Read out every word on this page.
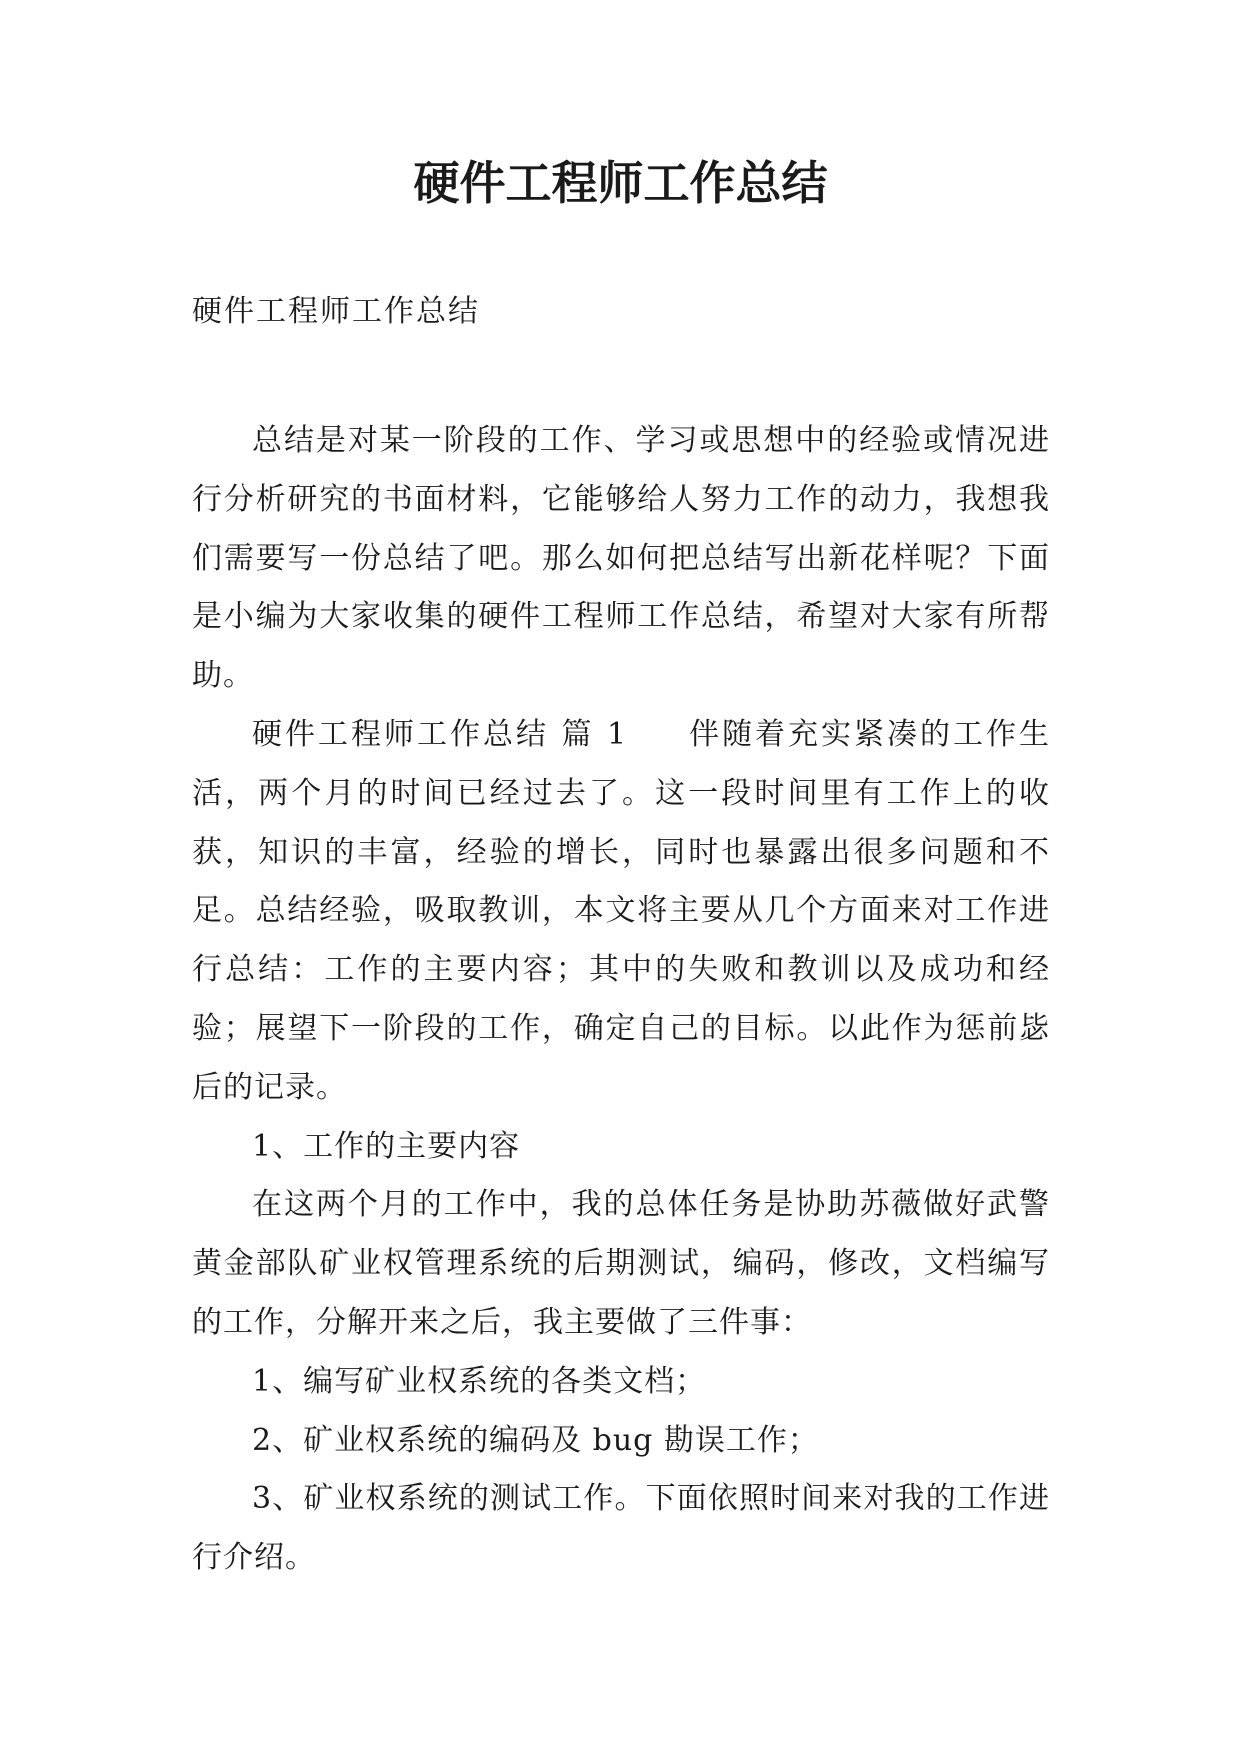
硬件工程师工作总结

硬件工程师工作总结

总结是对某一阶段的工作、学习或思想中的经验或情况进行分析研究的书面材料，它能够给人努力工作的动力，我想我们需要写一份总结了吧。那么如何把总结写出新花样呢？下面是小编为大家收集的硬件工程师工作总结，希望对大家有所帮助。

硬件工程师工作总结 篇 1 伴随着充实紧凑的工作生活，两个月的时间已经过去了。这一段时间里有工作上的收获，知识的丰富，经验的增长，同时也暴露出很多问题和不足。总结经验，吸取教训，本文将主要从几个方面来对工作进行总结：工作的主要内容；其中的失败和教训以及成功和经验；展望下一阶段的工作，确定自己的目标。以此作为惩前毖后的记录。

1、工作的主要内容

在这两个月的工作中，我的总体任务是协助苏薇做好武警黄金部队矿业权管理系统的后期测试，编码，修改，文档编写的工作，分解开来之后，我主要做了三件事：

1、编写矿业权系统的各类文档；

2、矿业权系统的编码及 bug 勘误工作；

3、矿业权系统的测试工作。下面依照时间来对我的工作进行介绍。
